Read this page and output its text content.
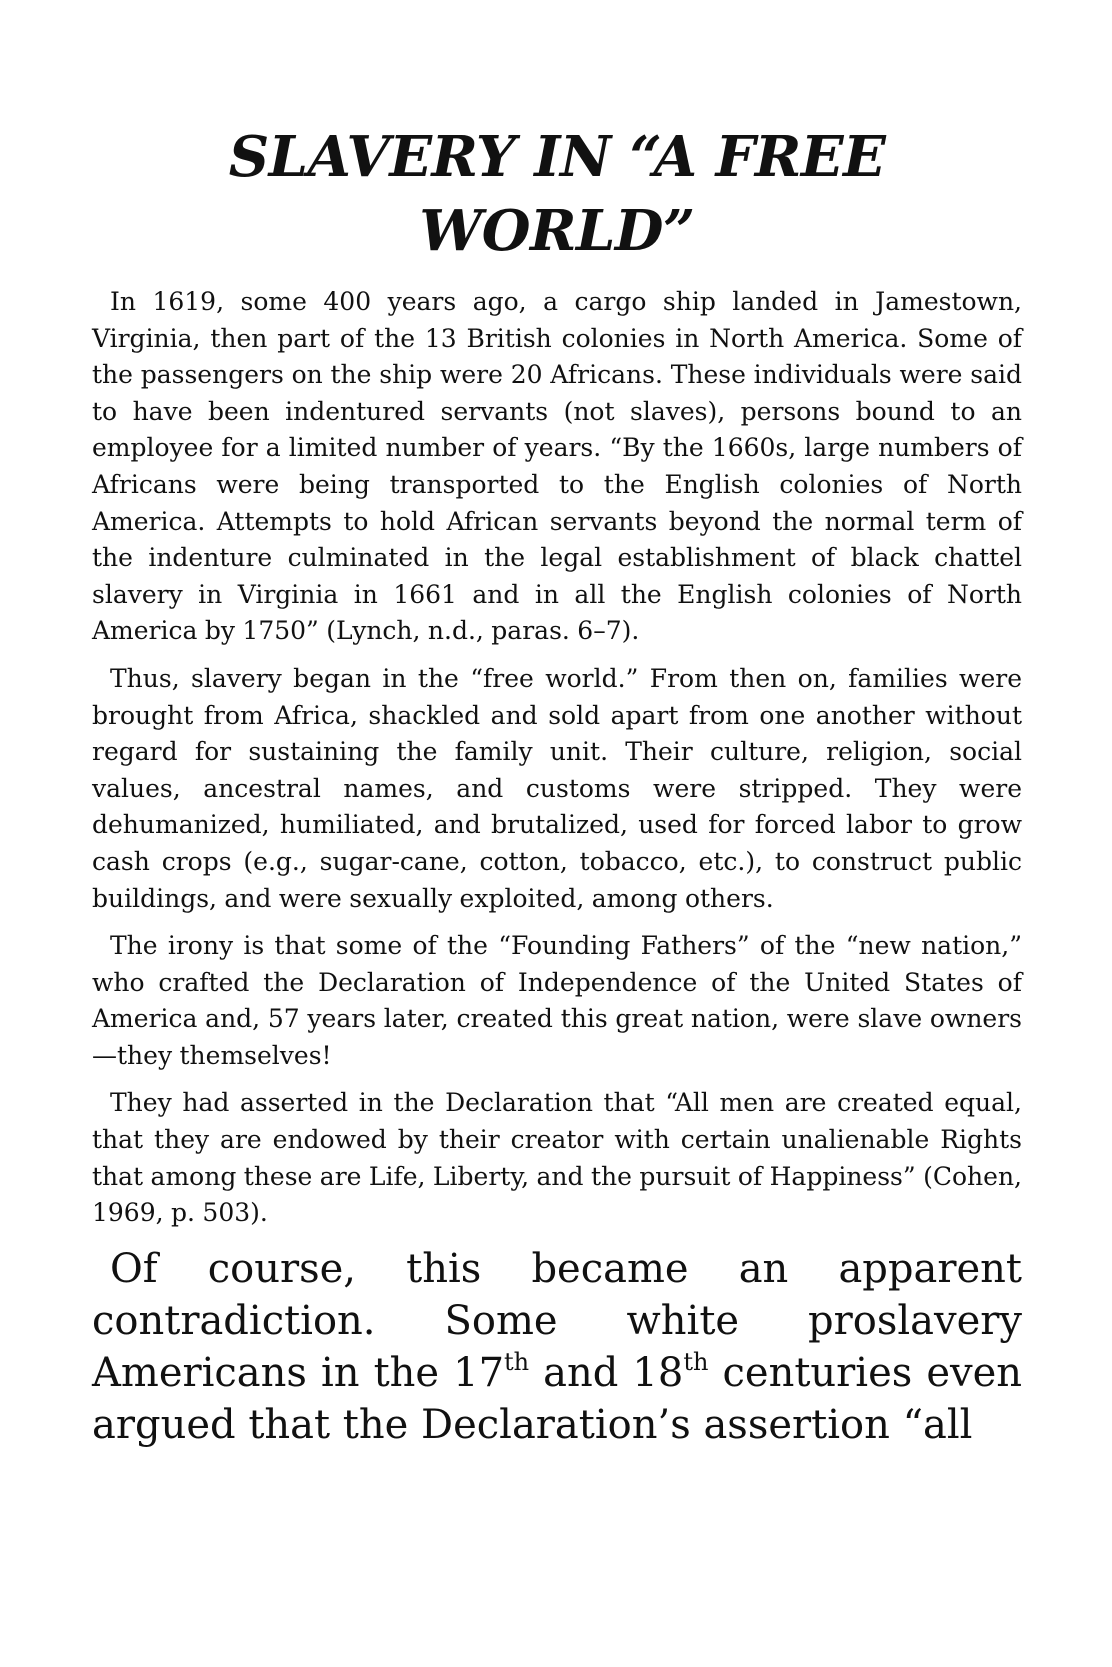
SLAVERY IN “A FREE WORLD”

In 1619, some 400 years ago, a cargo ship landed in Jamestown, Virginia, then part of the 13 British colonies in North America. Some of the passengers on the ship were 20 Africans. These individuals were said to have been indentured servants (not slaves), persons bound to an employee for a limited number of years. “By the 1660s, large numbers of Africans were being transported to the English colonies of North America. Attempts to hold African servants beyond the normal term of the indenture culminated in the legal establishment of black chattel slavery in Virginia in 1661 and in all the English colonies of North America by 1750” (Lynch, n.d., paras. 6–7).

Thus, slavery began in the “free world.” From then on, families were brought from Africa, shackled and sold apart from one another without regard for sustaining the family unit. Their culture, religion, social values, ancestral names, and customs were stripped. They were dehumanized, humiliated, and brutalized, used for forced labor to grow cash crops (e.g., sugar-cane, cotton, tobacco, etc.), to construct public buildings, and were sexually exploited, among others.

The irony is that some of the “Founding Fathers” of the “new nation,” who crafted the Declaration of Independence of the United States of America and, 57 years later, created this great nation, were slave owners—they themselves!

They had asserted in the Declaration that “All men are created equal, that they are endowed by their creator with certain unalienable Rights that among these are Life, Liberty, and the pursuit of Happiness” (Cohen, 1969, p. 503).

Of course, this became an apparent contradiction. Some white proslavery Americans in the 17th and 18th centuries even argued that the Declaration’s assertion “all
